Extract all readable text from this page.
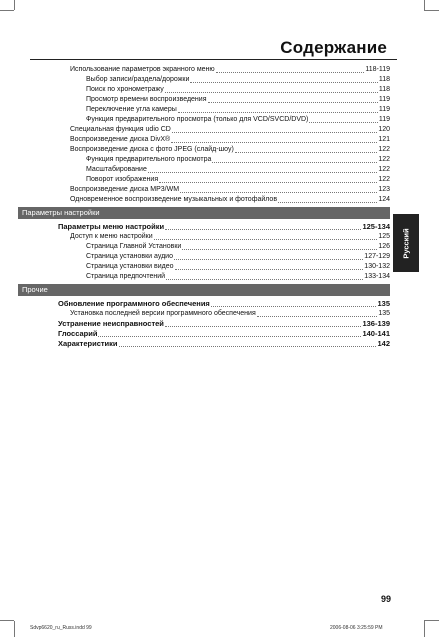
Содержание
Использование параметров экранного меню	118-119
Выбор записи/раздела/дорожки	118
Поиск по хронометражу	118
Просмотр времени воспроизведения	119
Переключение угла камеры	119
Функция предварительного просмотра (только для VCD/SVCD/DVD)	119
Специальная функция udio CD	120
Воспроизведение диска DivX®	121
Воспроизведение диска с фото JPEG (слайд-шоу)	122
Функция предварительного просмотра	122
Масштабирование	122
Поворот изображения	122
Воспроизведение диска MP3/WM	123
Одновременное воспроизведение музыкальных и фотофайлов	124
Параметры настройки
Параметры меню настройки	125-134
Доступ к меню настройки	125
Страница Главной Установки	126
Страница установки аудио	127-129
Страница установки видео	130-132
Страница предпочтений	133-134
Прочие
Обновление программного обеспечения	135
Установка последней версии программного обеспечения	135
Устранение неисправностей	136-139
Глоссарий	140-141
Характеристики	142
Русский
99
Sdvp6620_ru_Russ.indd 99	2006-08-06 3:25:59 PM
